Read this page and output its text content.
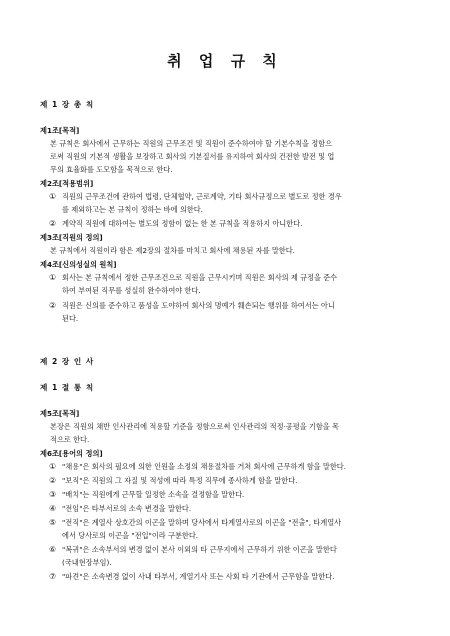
취 업 규 칙
제 1 장 총 칙
제1조[목적]
본 규칙은 회사에서 근무하는 직원의 근무조건 및 직원이 준수하여야 할 기본수칙을 정함으
로써 직원의 기본적 생활을 보장하고 회사의 기본질서를 유지하여 회사의 건전한 발전 및 업
무의 효율화를 도모함을 목적으로 한다.
제2조[적용범위]
① 직원의 근무조건에 관하여 법령, 단체협약, 근로계약, 기타 회사규정으로 별도로 정한 경우
를 제외하고는 본 규칙이 정하는 바에 의한다.
② 계약직 직원에 대하여는 별도의 정함이 없는 한 본 규칙을 적용하지 아니한다.
제3조[직원의 정의]
본 규칙에서 직원이라 함은 제2장의 절차를 마치고 회사에 채용된 자를 말한다.
제4조[신의성실의 원칙]
① 회사는 본 규칙에서 정한 근무조건으로 직원을 근무시키며 직원은 회사의 제 규정을 준수
하여 부여된 직무를 성실히 완수하여야 한다.
② 직원은 신의를 준수하고 품성을 도야하여 회사의 명예가 훼손되는 행위를 하여서는 아니
된다.
제 2 장 인 사
제 1 절 통 칙
제5조[목적]
본장은 직원의 채반 인사관리에 적용할 기준을 정함으로써 인사관리의 적정·공평을 기함을 목
적으로 한다.
제6조[용어의 정의]
① "채용"은 회사의 필요에 의한 인원을 소정의 채용절차를 거쳐 회사에 근무하게 함을 말한다.
② "보직"은 직원의 그 자질 및 적성에 따라 특정 직무에 종사하게 함을 말한다.
③ "배치"는 직원에게 근무할 일정한 소속을 결정함을 말한다.
④ "전임"은 타부서로의 소속 변경을 말한다.
⑤ "전직"은 계열사 상호간의 이곤을 말하며 당사에서 타계열사로의 이곤을 "전출", 타계열사
에서 당사로의 이곤을 "전입"이라 구분한다.
⑥ "복귀"은 소속부서의 변경 없이 본사 이외의 타 근무지에서 근무하기 위한 이곤을 말한다
(국내현장부임).
⑦ "파견"은 소속변경 없이 사내 타부서, 계열기사 또는 사회 타 기관에서 근무함을 말한다.
